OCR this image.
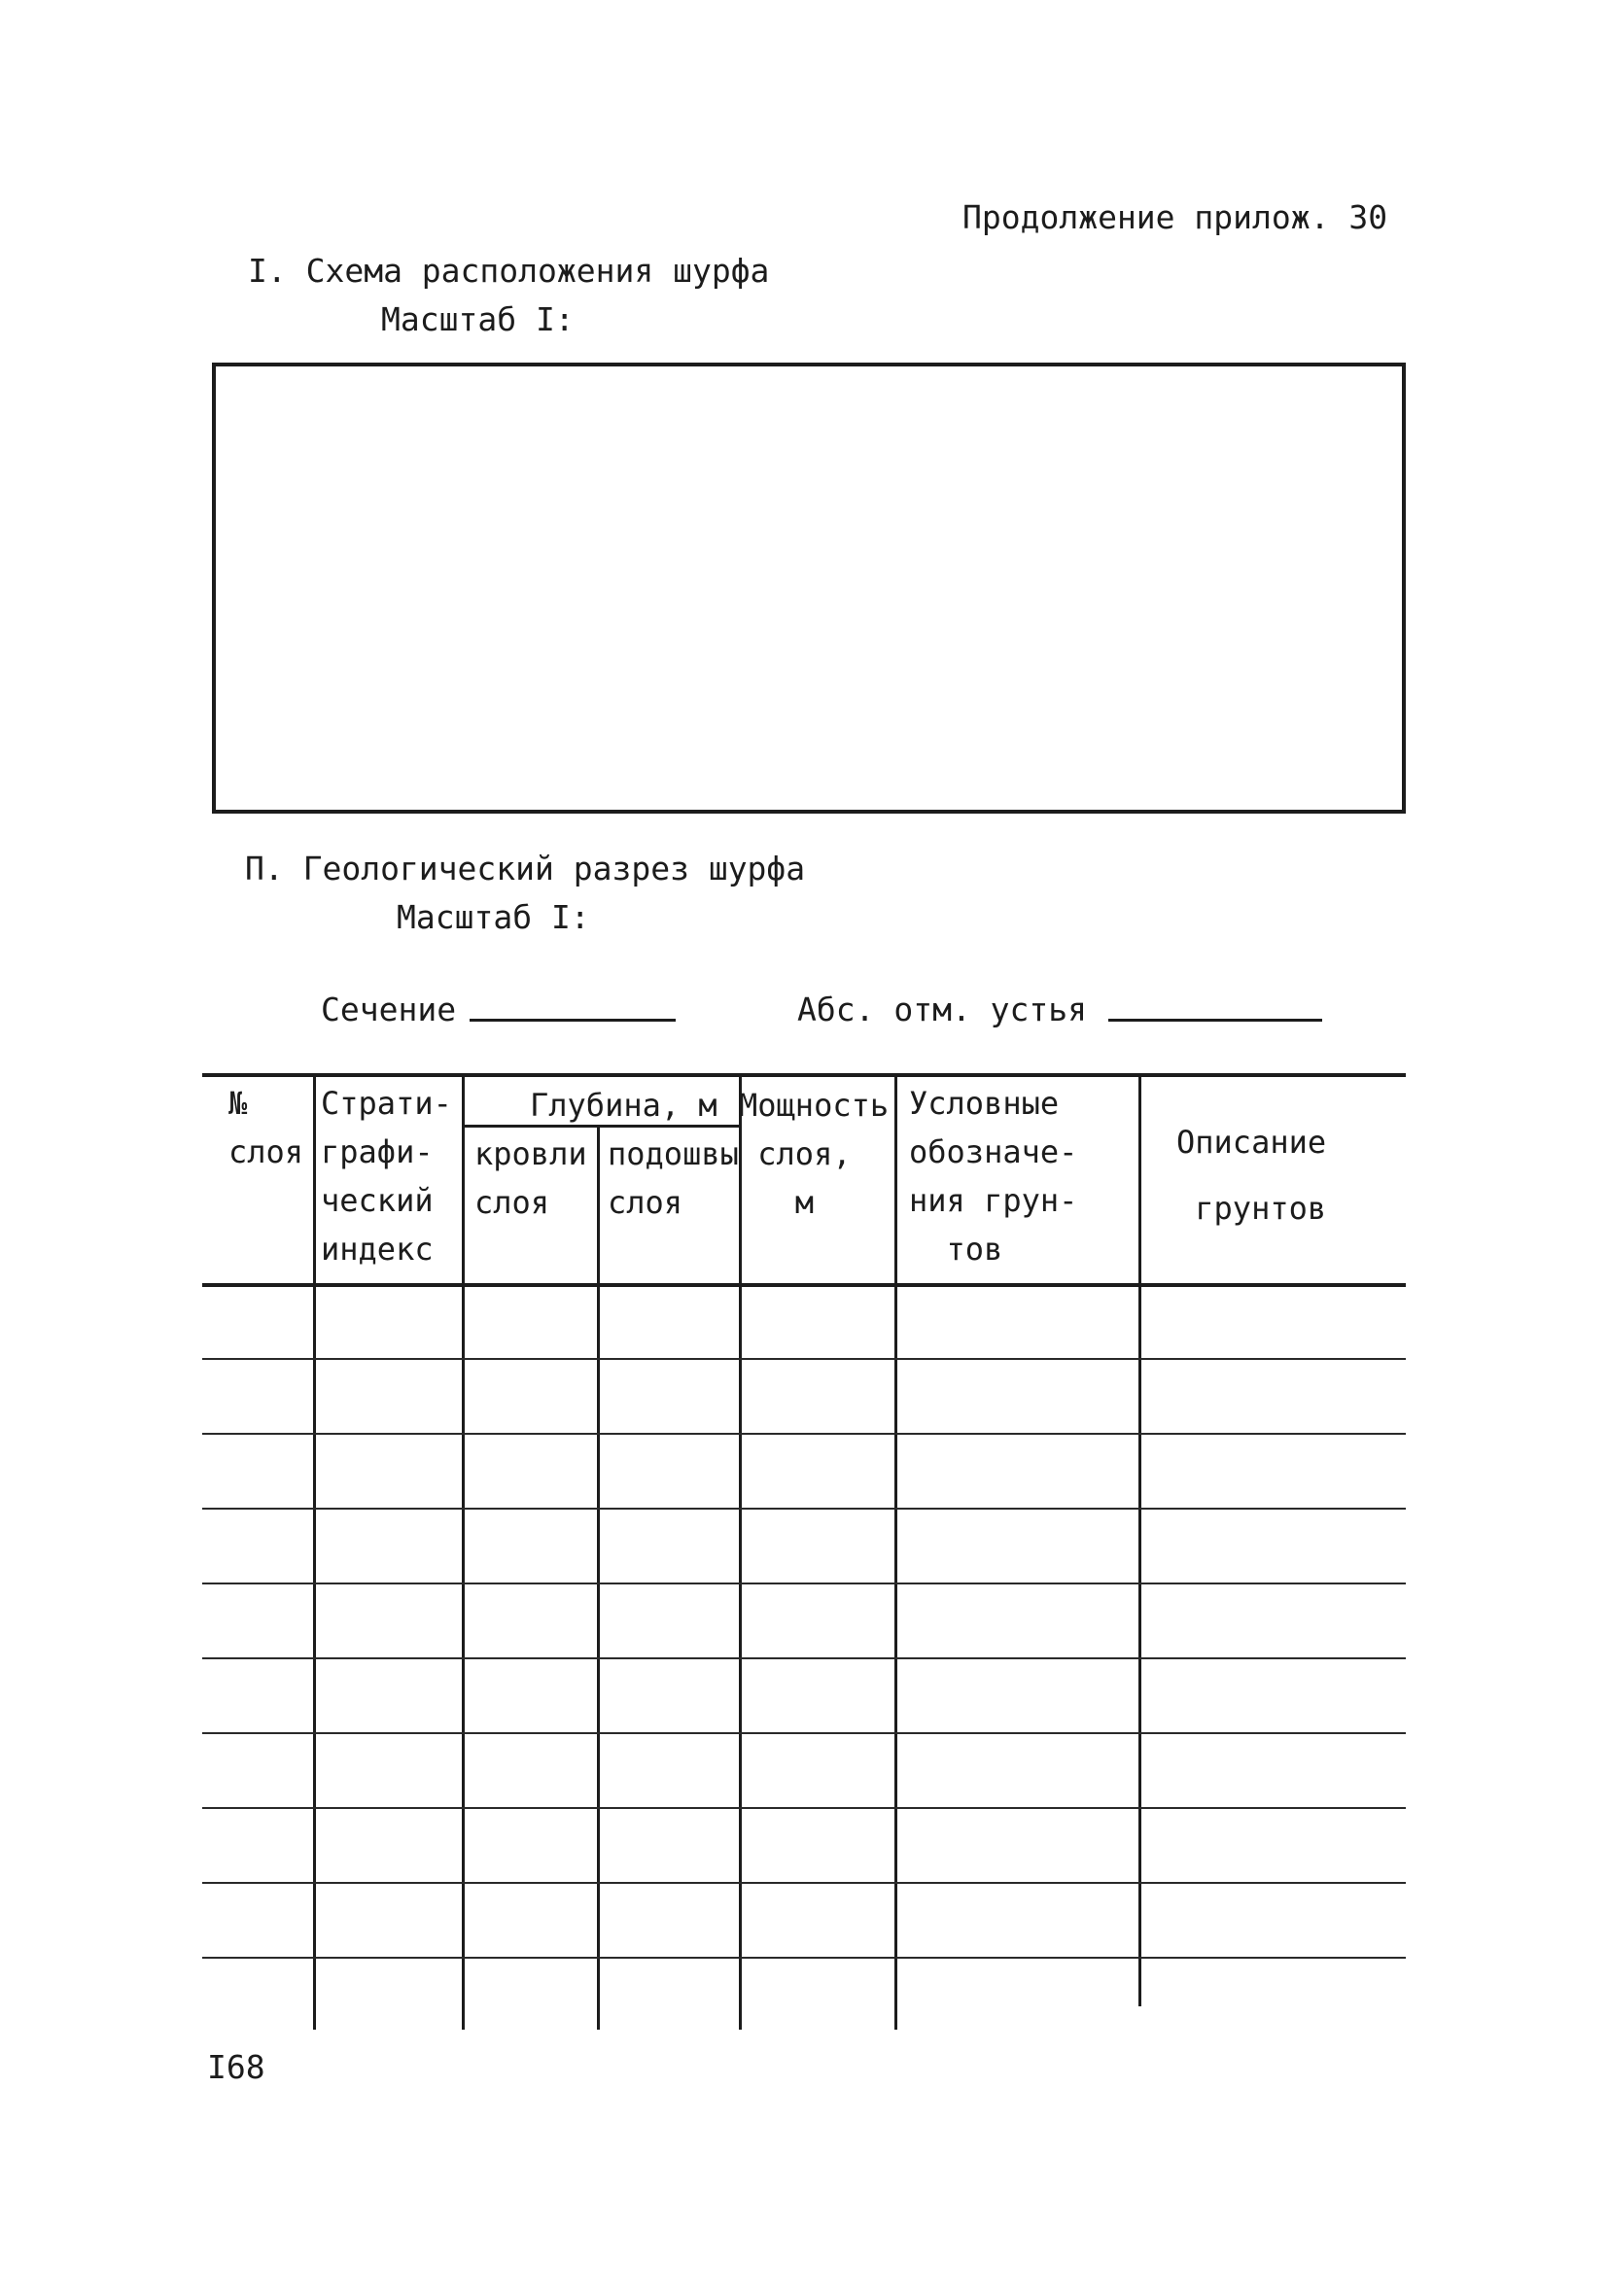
Продолжение прилож. 30
I. Схема расположения шурфа
Масштаб I:
П. Геологический разрез шурфа
Масштаб I:
Сечение	Абс. отм. устья
№
слоя
Страти-
графи-
ческий
индекс
Глубина, м
кровли
слоя
подошвы
слоя
Мощность
слоя,
м
Условные
обозначе-
ния грун-
тов
Описание

грунтов
I68
